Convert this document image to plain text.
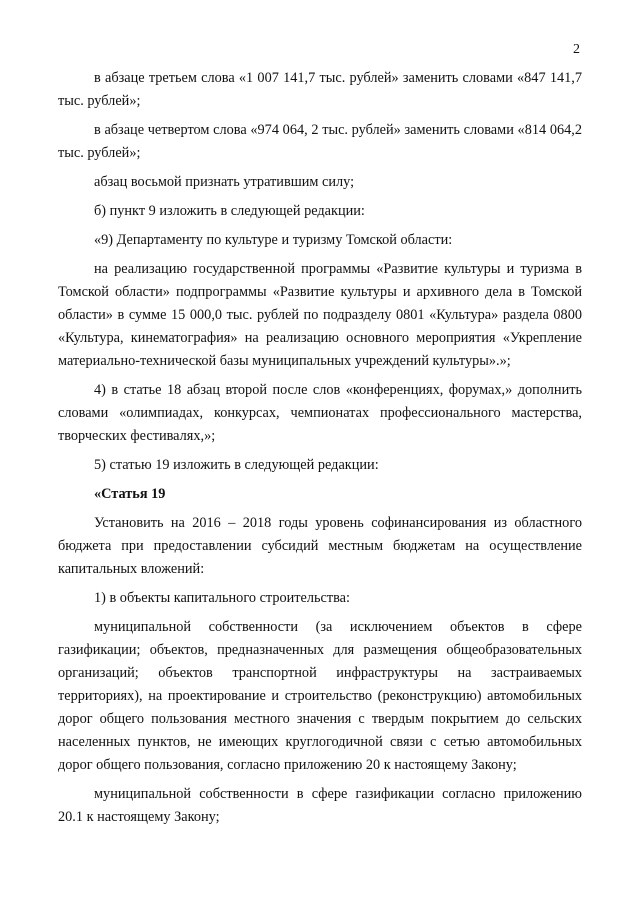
2

в абзаце третьем слова «1 007 141,7 тыс. рублей» заменить словами «847 141,7 тыс. рублей»;

в абзаце четвертом слова «974 064, 2 тыс. рублей» заменить словами «814 064,2 тыс. рублей»;

абзац восьмой признать утратившим силу;

б) пункт 9 изложить в следующей редакции:

«9) Департаменту по культуре и туризму Томской области:

на реализацию государственной программы «Развитие культуры и туризма в Томской области» подпрограммы «Развитие культуры и архивного дела в Томской области» в сумме 15 000,0 тыс. рублей по подразделу 0801 «Культура» раздела 0800 «Культура, кинематография» на реализацию основного мероприятия «Укрепление материально-технической базы муниципальных учреждений культуры».»;

4) в статье 18 абзац второй после слов «конференциях, форумах,» дополнить словами «олимпиадах, конкурсах, чемпионатах профессионального мастерства, творческих фестивалях,»;

5) статью 19 изложить в следующей редакции:

«Статья 19

Установить на 2016 – 2018 годы уровень софинансирования из областного бюджета при предоставлении субсидий местным бюджетам на осуществление капитальных вложений:

1) в объекты капитального строительства:

муниципальной собственности (за исключением объектов в сфере газификации; объектов, предназначенных для размещения общеобразовательных организаций; объектов транспортной инфраструктуры на застраиваемых территориях), на проектирование и строительство (реконструкцию) автомобильных дорог общего пользования местного значения с твердым покрытием до сельских населенных пунктов, не имеющих круглогодичной связи с сетью автомобильных дорог общего пользования, согласно приложению 20 к настоящему Закону;

муниципальной собственности в сфере газификации согласно приложению 20.1 к настоящему Закону;
